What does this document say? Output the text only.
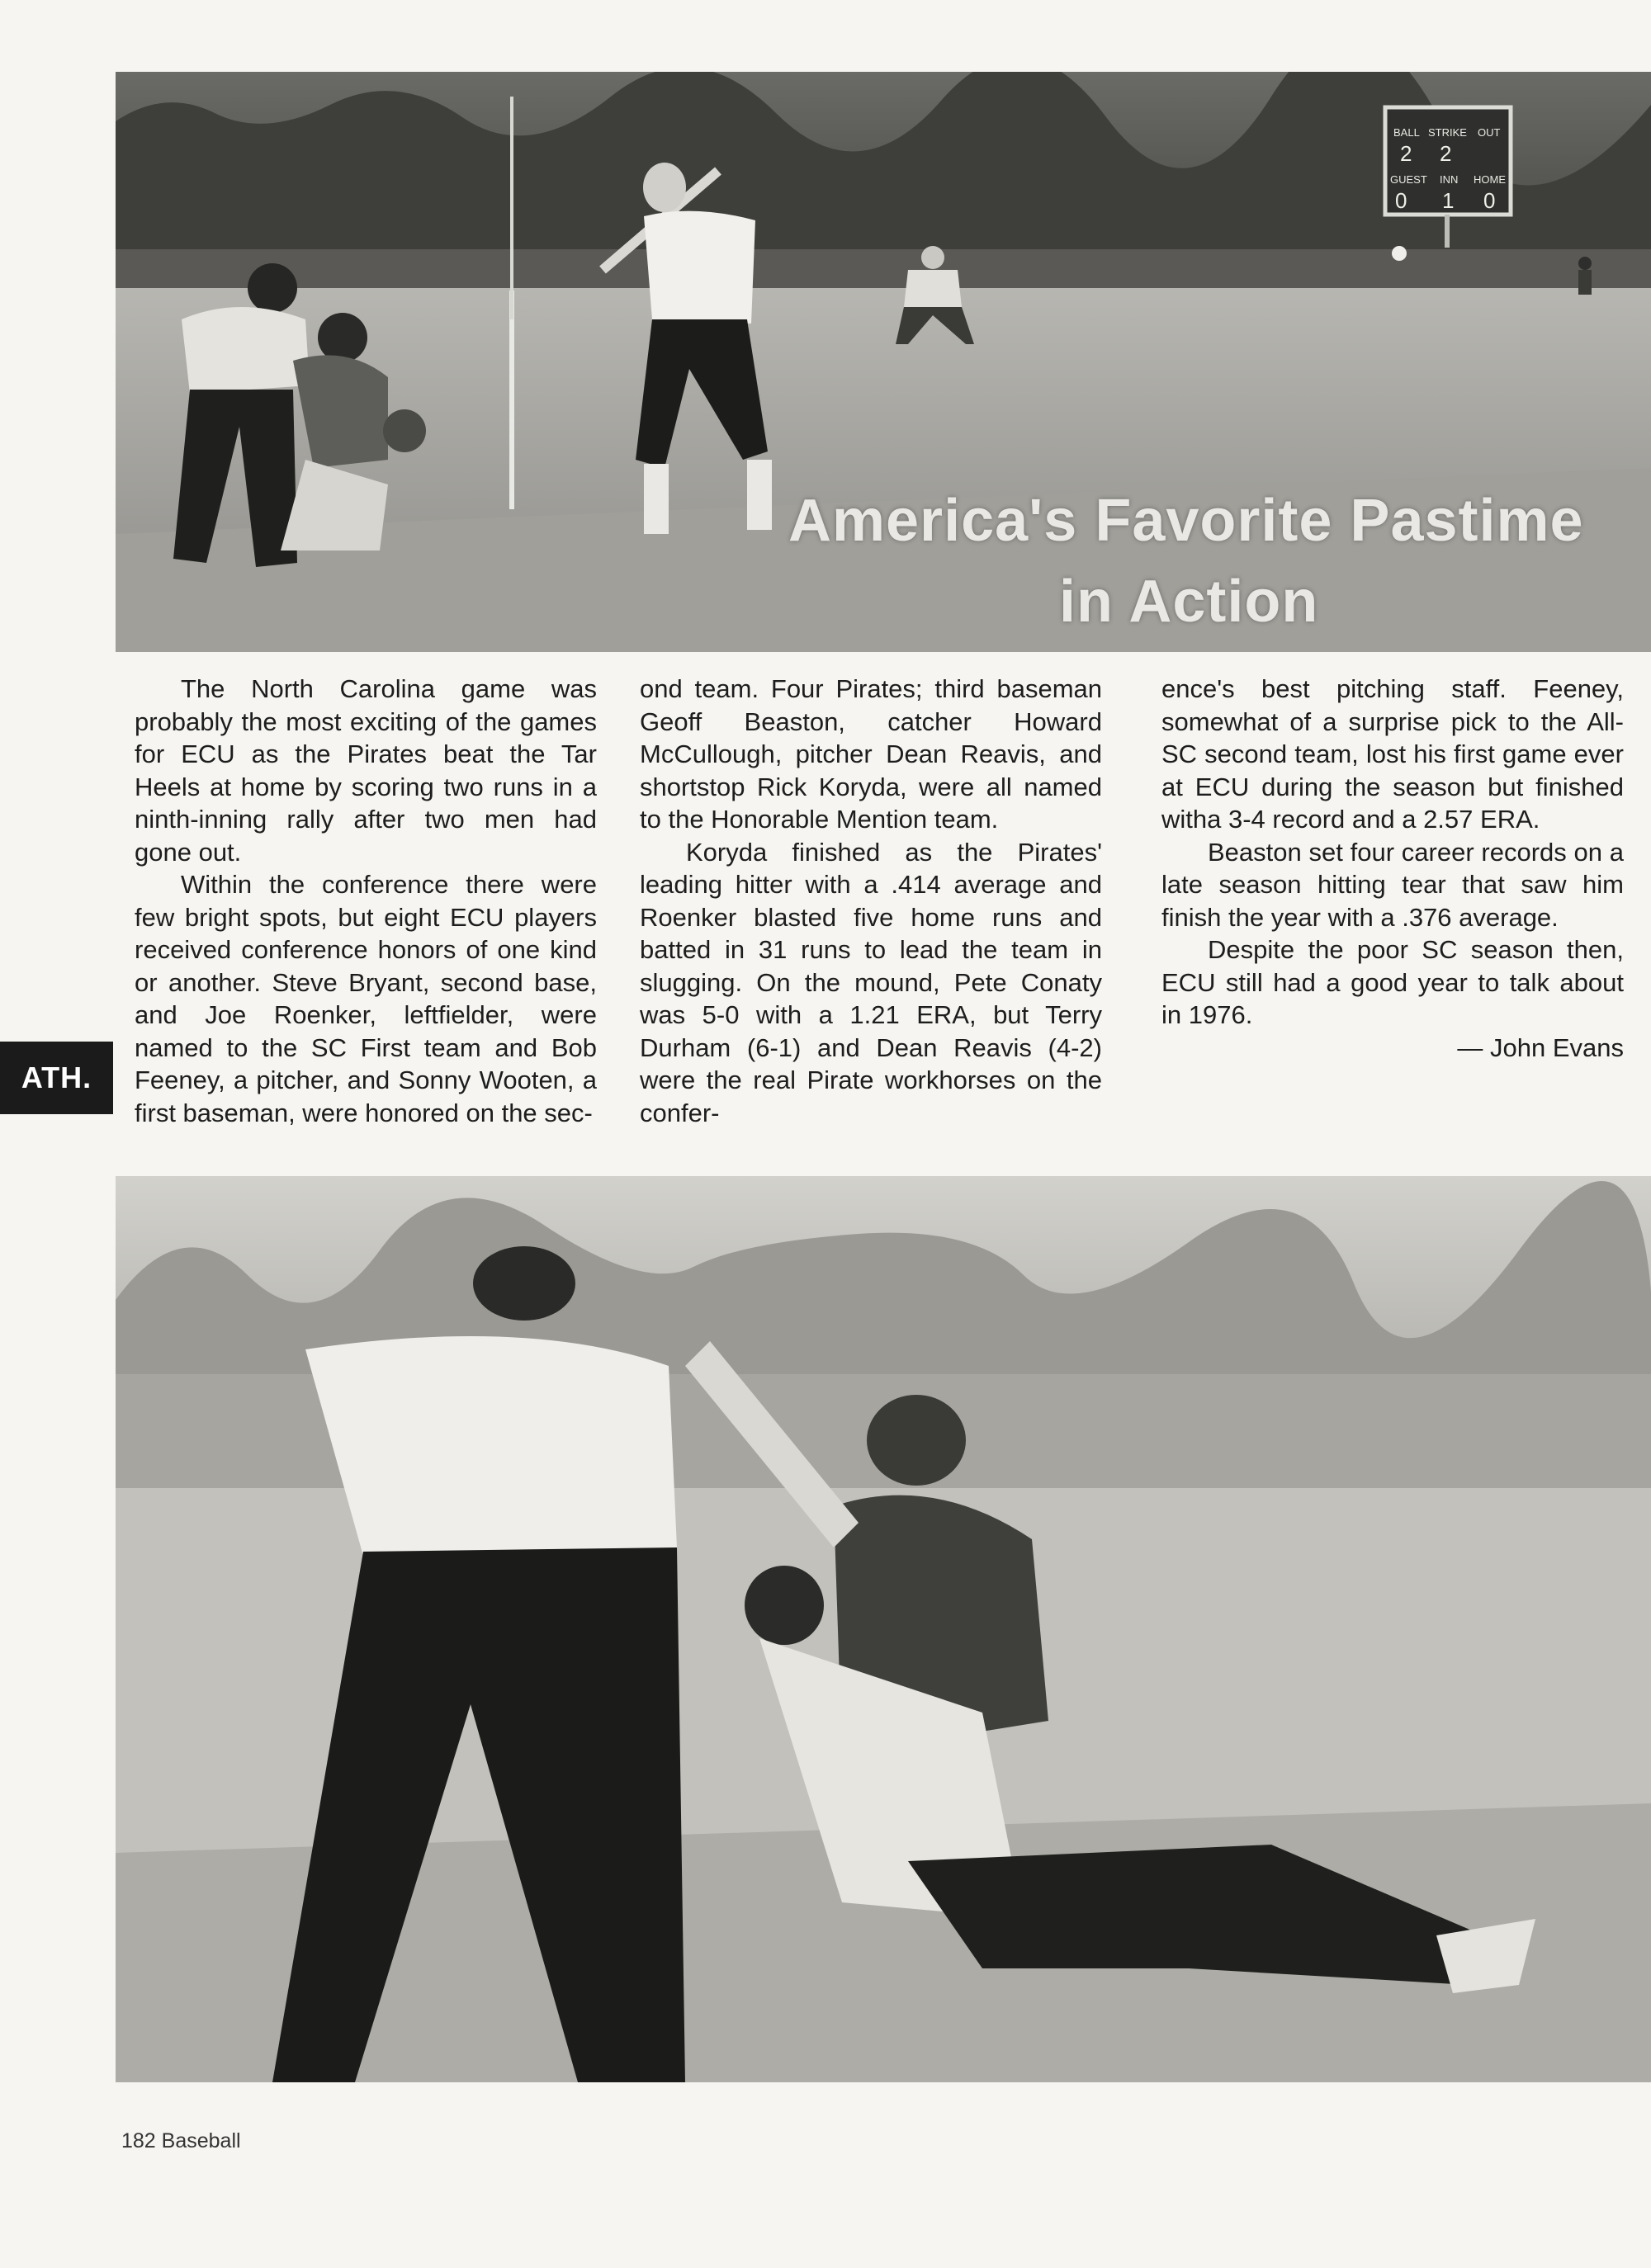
BALL STRIKE OUT
2 2
GUEST INN HOME
0 1 0
America's Favorite Pastime
in Action

The North Carolina game was probably the most exciting of the games for ECU as the Pirates beat the Tar Heels at home by scoring two runs in a ninth-inning rally after two men had gone out.

Within the conference there were few bright spots, but eight ECU players received conference honors of one kind or another. Steve Bryant, second base, and Joe Roenker, leftfielder, were named to the SC First team and Bob Feeney, a pitcher, and Sonny Wooten, a first baseman, were honored on the sec-

ond team. Four Pirates; third baseman Geoff Beaston, catcher Howard McCullough, pitcher Dean Reavis, and shortstop Rick Koryda, were all named to the Honorable Mention team.

Koryda finished as the Pirates' leading hitter with a .414 average and Roenker blasted five home runs and batted in 31 runs to lead the team in slugging. On the mound, Pete Conaty was 5-0 with a 1.21 ERA, but Terry Durham (6-1) and Dean Reavis (4-2) were the real Pirate workhorses on the confer-

ence's best pitching staff. Feeney, somewhat of a surprise pick to the All-SC second team, lost his first game ever at ECU during the season but finished witha 3-4 record and a 2.57 ERA.

Beaston set four career records on a late season hitting tear that saw him finish the year with a .376 average.

Despite the poor SC season then, ECU still had a good year to talk about in 1976.

— John Evans

ATH.
182 Baseball
